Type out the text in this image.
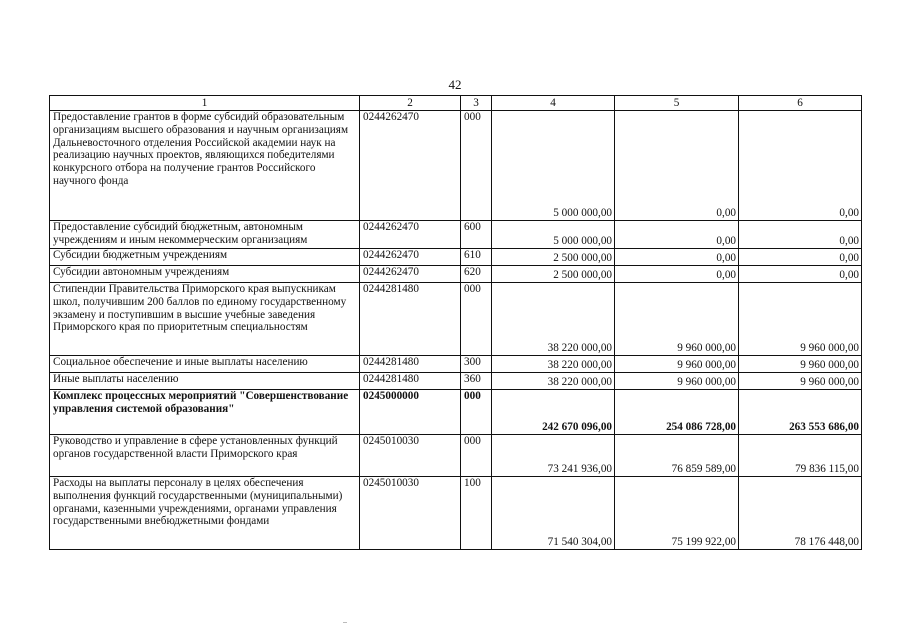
42
1	2	3	4	5	6
Предоставление грантов в форме субсидий образовательным организациям высшего образования и научным организациям Дальневосточного отделения Российской академии наук на реализацию научных проектов, являющихся победителями конкурсного отбора на получение грантов Российского научного фонда	0244262470	000	5 000 000,00	0,00	0,00
Предоставление субсидий бюджетным, автономным учреждениям и иным некоммерческим организациям	0244262470	600	5 000 000,00	0,00	0,00
Субсидии бюджетным учреждениям	0244262470	610	2 500 000,00	0,00	0,00
Субсидии автономным учреждениям	0244262470	620	2 500 000,00	0,00	0,00
Стипендии Правительства Приморского края выпускникам школ, получившим 200 баллов по единому государственному экзамену и поступившим в высшие учебные заведения Приморского края по приоритетным специальностям	0244281480	000	38 220 000,00	9 960 000,00	9 960 000,00
Социальное обеспечение и иные выплаты населению	0244281480	300	38 220 000,00	9 960 000,00	9 960 000,00
Иные выплаты населению	0244281480	360	38 220 000,00	9 960 000,00	9 960 000,00
Комплекс процессных мероприятий "Совершенствование управления системой образования"	0245000000	000	242 670 096,00	254 086 728,00	263 553 686,00
Руководство и управление в сфере установленных функций органов государственной власти Приморского края	0245010030	000	73 241 936,00	76 859 589,00	79 836 115,00
Расходы на выплаты персоналу в целях обеспечения выполнения функций государственными (муниципальными) органами, казенными учреждениями, органами управления государственными внебюджетными фондами	0245010030	100	71 540 304,00	75 199 922,00	78 176 448,00
